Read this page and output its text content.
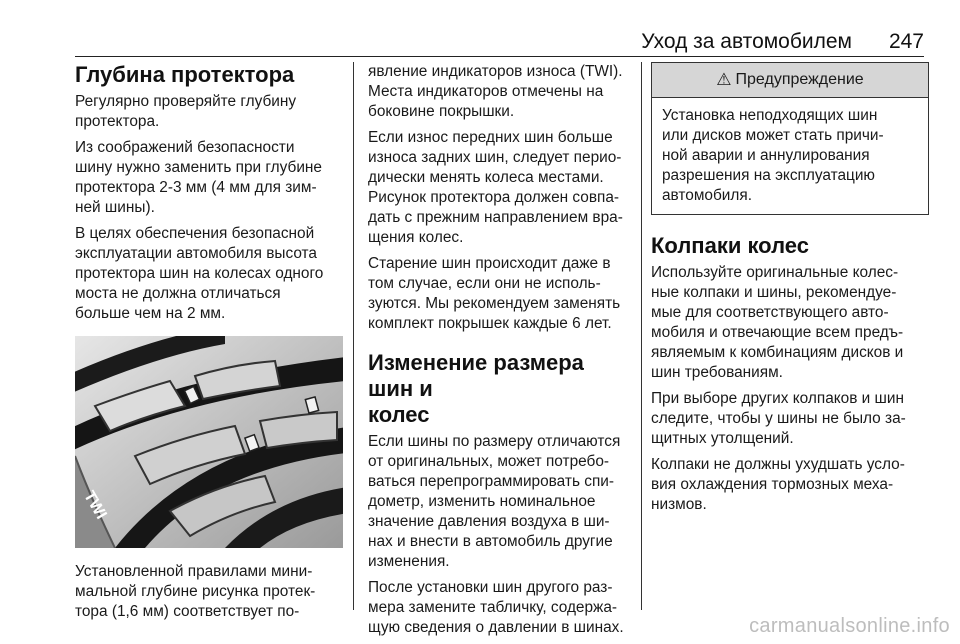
Уход за автомобилем 247
Глубина протектора

Регулярно проверяйте глубину
протектора.

Из соображений безопасности
шину нужно заменить при глубине
протектора 2-3 мм (4 мм для зим-
ней шины).

В целях обеспечения безопасной
эксплуатации автомобиля высота
протектора шин на колесах одного
моста не должна отличаться
больше чем на 2 мм.

TWI

Установленной правилами мини-
мальной глубине рисунка протек-
тора (1,6 мм) соответствует по-

явление индикаторов износа (TWI).
Места индикаторов отмечены на
боковине покрышки.

Если износ передних шин больше
износа задних шин, следует перио-
дически менять колеса местами.
Рисунок протектора должен совпа-
дать с прежним направлением вра-
щения колес.

Старение шин происходит даже в
том случае, если они не исполь-
зуются. Мы рекомендуем заменять
комплект покрышек каждые 6 лет.

Изменение размера шин и
колес

Если шины по размеру отличаются
от оригинальных, может потребо-
ваться перепрограммировать спи-
дометр, изменить номинальное
значение давления воздуха в ши-
нах и внести в автомобиль другие
изменения.

После установки шин другого раз-
мера замените табличку, содержа-
щую сведения о давлении в шинах.

⚠ Предупреждение

Установка неподходящих шин
или дисков может стать причи-
ной аварии и аннулирования
разрешения на эксплуатацию
автомобиля.

Колпаки колес

Используйте оригинальные колес-
ные колпаки и шины, рекомендуе-
мые для соответствующего авто-
мобиля и отвечающие всем предъ-
являемым к комбинациям дисков и
шин требованиям.

При выборе других колпаков и шин
следите, чтобы у шины не было за-
щитных утолщений.

Колпаки не должны ухудшать усло-
вия охлаждения тормозных меха-
низмов.

carmanualsonline.info
